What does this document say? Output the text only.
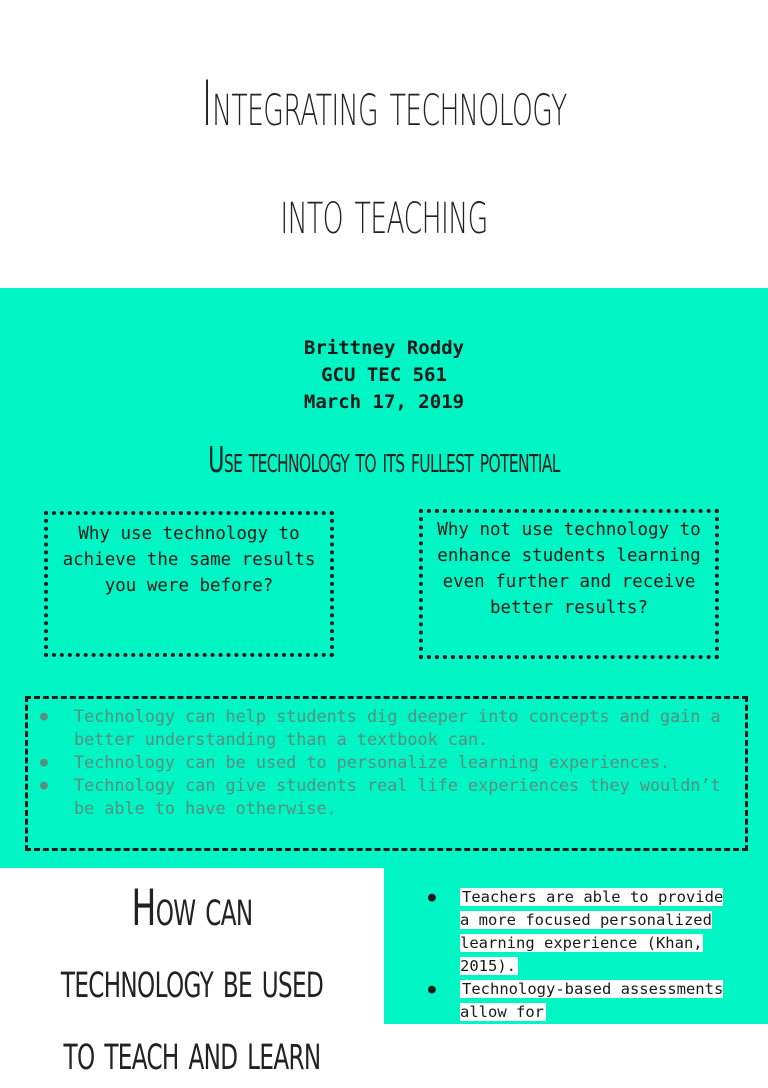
Integrating technology
into teaching
Brittney Roddy
GCU TEC 561
March 17, 2019
Use technology to its fullest potential
Why use technology to achieve the same results you were before?
Why not use technology to enhance students learning even further and receive better results?
● Technology can help students dig deeper into concepts and gain a better understanding than a textbook can.
● Technology can be used to personalize learning experiences.
● Technology can give students real life experiences they wouldn’t be able to have otherwise.
How can
technology be used
to teach and learn
● Teachers are able to provide a more focused personalized learning experience (Khan, 2015).
● Technology-based assessments allow for
